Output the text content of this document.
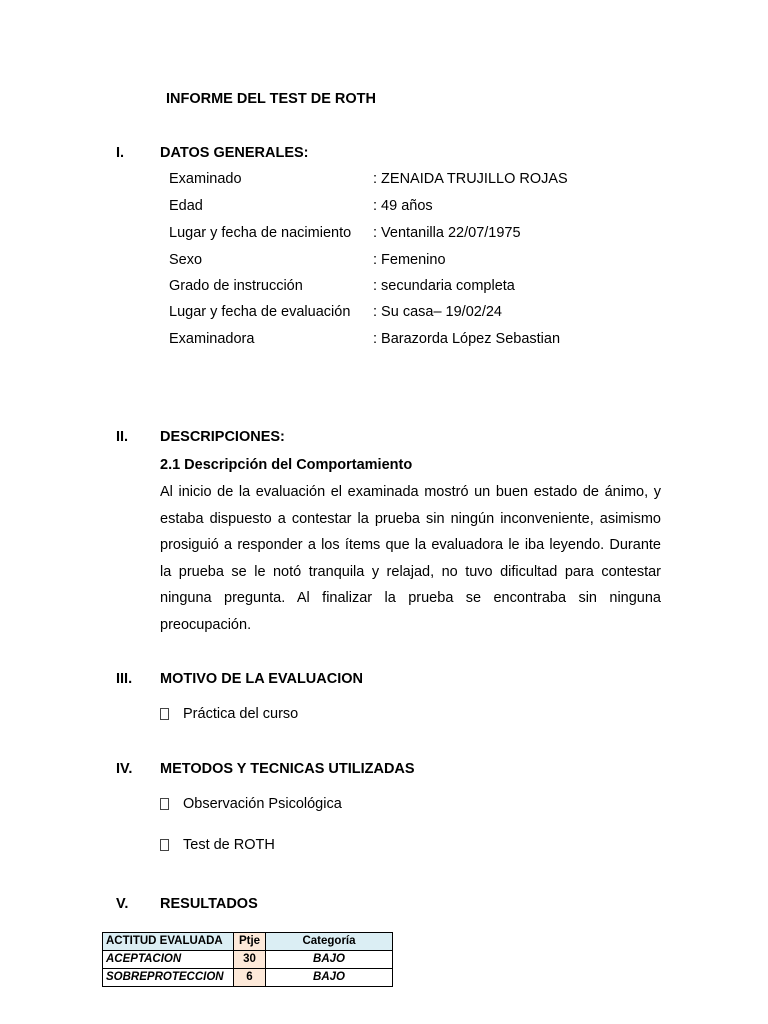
INFORME DEL TEST DE ROTH
I. DATOS GENERALES:
Examinado	: ZENAIDA TRUJILLO ROJAS
Edad	: 49 años
Lugar y fecha de nacimiento : Ventanilla 22/07/1975
Sexo	: Femenino
Grado de instrucción	: secundaria completa
Lugar y fecha de evaluación : Su casa– 19/02/24
Examinadora	: Barazorda López Sebastian
II. DESCRIPCIONES:
2.1 Descripción del Comportamiento
Al inicio de la evaluación el examinada mostró un buen estado de ánimo, y estaba dispuesto a contestar la prueba sin ningún inconveniente, asimismo prosiguió a responder a los ítems que la evaluadora le iba leyendo. Durante la prueba se le notó tranquila y relajad, no tuvo dificultad para contestar ninguna pregunta. Al finalizar la prueba se encontraba sin ninguna preocupación.
III. MOTIVO DE LA EVALUACION
Práctica del curso
IV. METODOS Y TECNICAS UTILIZADAS
Observación Psicológica
Test de ROTH
V. RESULTADOS
ACTITUD EVALUADA	Ptje	Categoría
ACEPTACION	30	BAJO
SOBREPROTECCION	6	BAJO
